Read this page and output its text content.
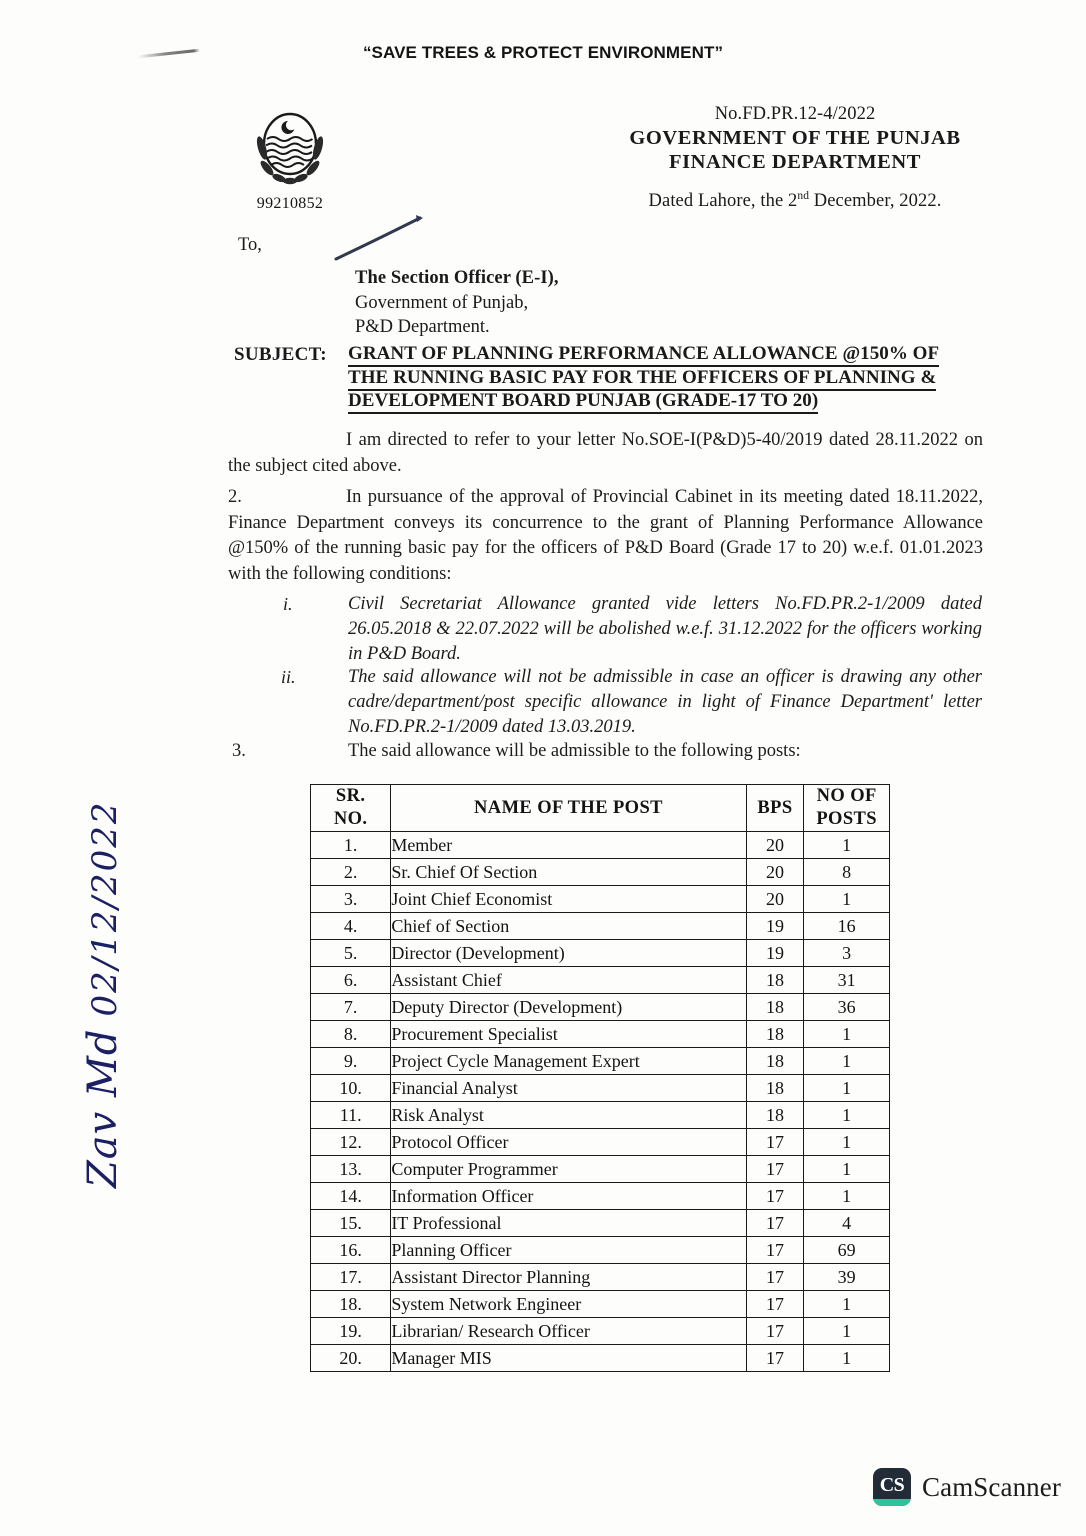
“SAVE TREES & PROTECT ENVIRONMENT”
99210852
No.FD.PR.12-4/2022
GOVERNMENT OF THE PUNJAB
FINANCE DEPARTMENT
Dated Lahore, the 2nd December, 2022.
To,
The Section Officer (E-I),
Government of Punjab,
P&D Department.
SUBJECT: GRANT OF PLANNING PERFORMANCE ALLOWANCE @150% OF
THE RUNNING BASIC PAY FOR THE OFFICERS OF PLANNING &
DEVELOPMENT BOARD PUNJAB (GRADE-17 TO 20)
I am directed to refer to your letter No.SOE-I(P&D)5-40/2019 dated 28.11.2022 on the subject cited above.
2.	In pursuance of the approval of Provincial Cabinet in its meeting dated 18.11.2022, Finance Department conveys its concurrence to the grant of Planning Performance Allowance @150% of the running basic pay for the officers of P&D Board (Grade 17 to 20) w.e.f. 01.01.2023 with the following conditions:
i.	Civil Secretariat Allowance granted vide letters No.FD.PR.2-1/2009 dated 26.05.2018 & 22.07.2022 will be abolished w.e.f. 31.12.2022 for the officers working in P&D Board.
ii.	The said allowance will not be admissible in case an officer is drawing any other cadre/department/post specific allowance in light of Finance Department' letter No.FD.PR.2-1/2009 dated 13.03.2019.
3.	The said allowance will be admissible to the following posts:
SR.
NO.	NAME OF THE POST	BPS	NO OF
POSTS

1.	Member	20	1
2.	Sr. Chief Of Section	20	8
3.	Joint Chief Economist	20	1
4.	Chief of Section	19	16
5.	Director (Development)	19	3
6.	Assistant Chief	18	31
7.	Deputy Director (Development)	18	36
8.	Procurement Specialist	18	1
9.	Project Cycle Management Expert	18	1
10.	Financial Analyst	18	1
11.	Risk Analyst	18	1
12.	Protocol Officer	17	1
13.	Computer Programmer	17	1
14.	Information Officer	17	1
15.	IT Professional	17	4
16.	Planning Officer	17	69
17.	Assistant Director Planning	17	39
18.	System Network Engineer	17	1
19.	Librarian/ Research Officer	17	1
20.	Manager MIS	17	1
Zav Md02/12/2022
CS CamScanner
